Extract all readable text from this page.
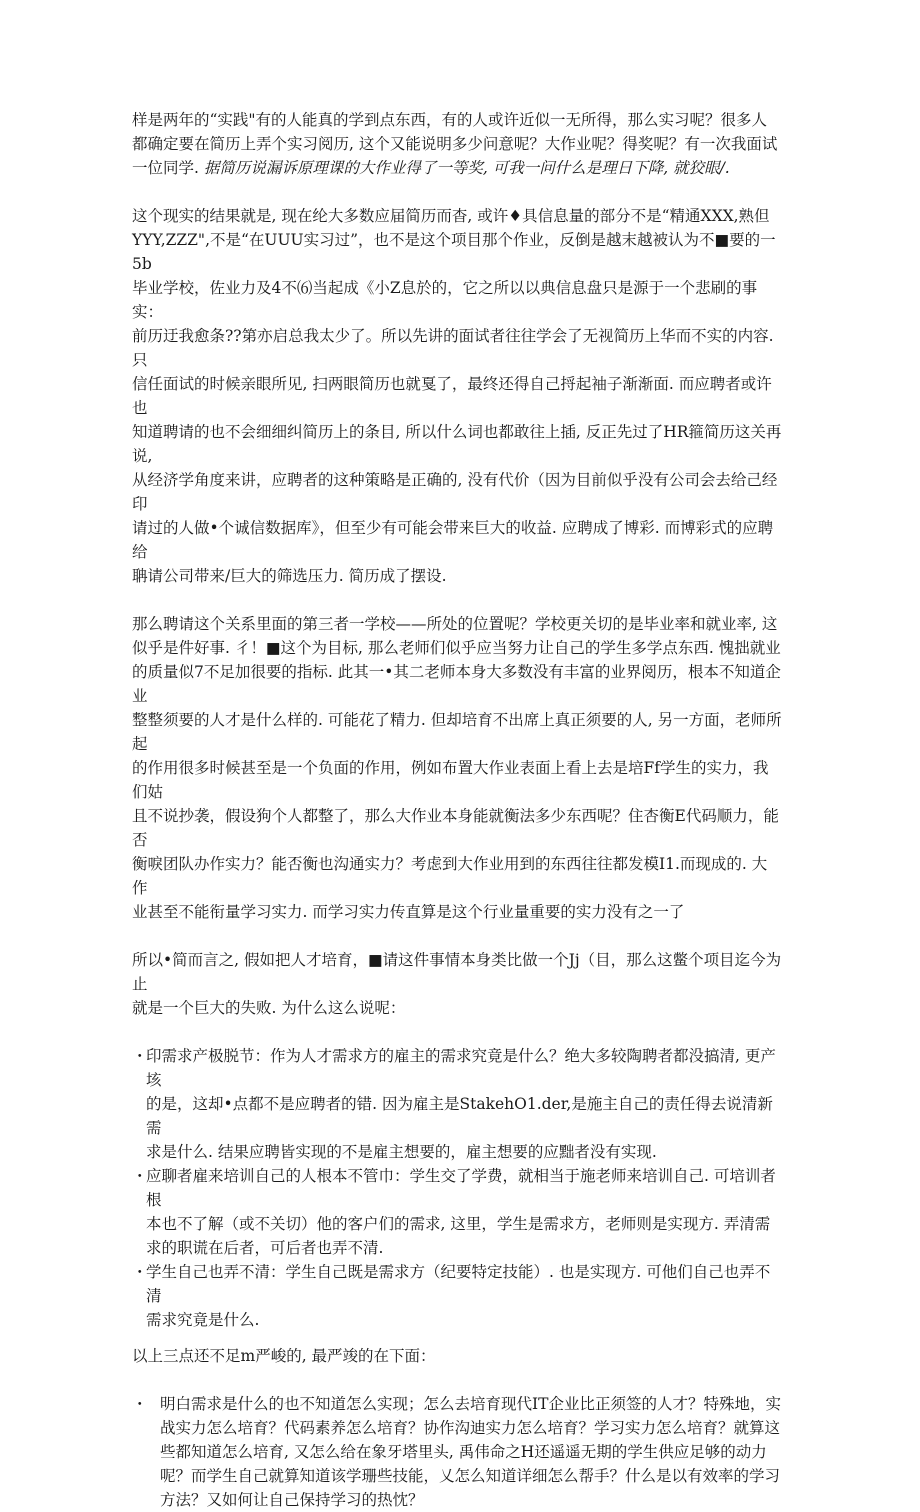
样是两年的“实践"有的人能真的学到点东西，有的人或许近似一无所得，那么实习呢？很多人
都确定要在简历上弄个实习阅历, 这个又能说明多少问意呢？大作业呢？得奖呢？有一次我面试
一位同学. 据简历说漏诉原理课的大作业得了一等奖, 可我一问什么是理日下降, 就狡眼/.

这个现实的结果就是, 现在纶大多数应届简历而杳, 或许♦具信息量的部分不是“精通XXX,熟但
YYY,ZZZ",不是“在UUU实习过”，也不是这个项目那个作业，反倒是越末越被认为不■要的一5b
毕业学校，佐业力及4不⑹当起成《小Z息於的，它之所以以典信息盘只是源于一个悲刷的事实：
前历迂我愈条??第亦启总我太少了。所以先讲的面试者往往学会了无视简历上华而不实的内容. 只
信任面试的时候亲眼所见, 扫两眼简历也就戛了，最终还得自己捋起袖子渐渐面. 而应聘者或许也
知道聘请的也不会细细纠简历上的条目, 所以什么词也都敢往上插, 反正先过了HR箍简历这关再说,
从经济学角度来讲，应聘者的这种策略是正确的, 没有代价（因为目前似乎没有公司会去给己经印
请过的人做•个诚信数据库》，但至少有可能会带来巨大的收益. 应聘成了博彩. 而博彩式的应聘给
聃请公司带来/巨大的筛选压力. 简历成了摆设.

那么聘请这个关系里面的第三者一学校——所处的位置呢？学校更关切的是毕业率和就业率, 这
似乎是件好事. 彳！■这个为目标, 那么老师们似乎应当努力让自己的学生多学点东西. 愧拙就业
的质量似7不足加很要的指标. 此其一•其二老师本身大多数没有丰富的业界阅历，根本不知道企业
整整须要的人才是什么样的. 可能花了精力. 但却培育不出席上真正须要的人, 另一方面，老师所起
的作用很多时候甚至是一个负面的作用，例如布置大作业表面上看上去是培Ff学生的实力，我们姑
且不说抄袭，假设狗个人都整了，那么大作业本身能就衡法多少东西呢？住杏衡E代码顺力，能否
衡唳团队办作实力？能否衡也沟通实力？考虑到大作业用到的东西往往都发模I1.而现成的. 大作
业甚至不能衔量学习实力. 而学习实力传直算是这个行业量重要的实力没有之一了

所以•简而言之, 假如把人才培育，■请这件事情本身类比做一个Jj（目，那么这鳖个项目迄今为止
就是一个巨大的失败. 为什么这么说呢：

・

印需求产极脱节：作为人才需求方的雇主的需求究竟是什么？绝大多较陶聘者都没搞清, 更产垓
的是，这却•点都不是应聘者的错. 因为雇主是StakehO1.der,是施主自己的责任得去说清新需
求是什么. 结果应聘皆实现的不是雇主想要的，雇主想要的应黜者没有实现.

・

应聊者雇来培训自己的人根本不管巾：学生交了学费，就相当于施老师来培训自己. 可培训者根
本也不了解（或不关切）他的客户们的需求, 这里，学生是需求方，老师则是实现方. 弄清需
求的职谎在后者，可后者也弄不清.

・

学生自己也弄不清：学生自己既是需求方（纪要特定技能）. 也是实现方. 可他们自己也弄不清
需求究竟是什么.

以上三点还不足m严峻的, 最严竣的在下面：

・ 明白需求是什么的也不知道怎么实现；怎么去培育现代IT企业比正须签的人才？特殊地，实
战实力怎么培育？代码素养怎么培育？协作沟迪实力怎么培育？学习实力怎么培育？就算这
些都知道怎么培育, 又怎么给在象牙塔里头, 禹伟命之H还遥遥无期的学生供应足够的动力
呢？而学生自己就算知道该学珊些技能，乂怎么知道详细怎么帮手？什么是以有效率的学习
方法？又如何让自己保持学习的热忱？
